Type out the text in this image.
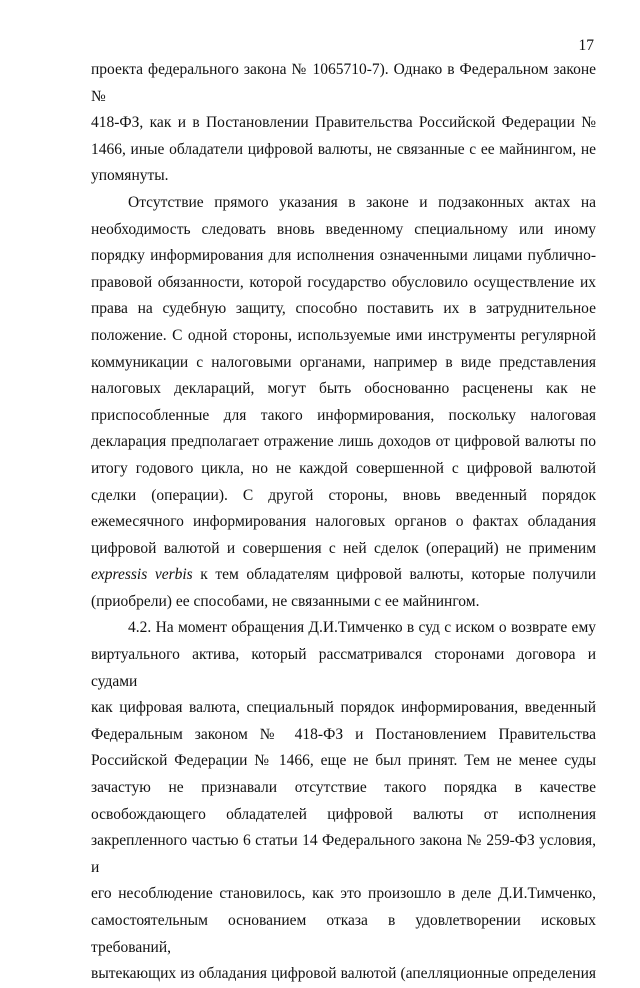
17
проекта федерального закона № 1065710-7). Однако в Федеральном законе №
418-ФЗ, как и в Постановлении Правительства Российской Федерации №
1466, иные обладатели цифровой валюты, не связанные с ее майнингом, не
упомянуты.
Отсутствие прямого указания в законе и подзаконных актах на
необходимость следовать вновь введенному специальному или иному
порядку информирования для исполнения означенными лицами публично-
правовой обязанности, которой государство обусловило осуществление их
права на судебную защиту, способно поставить их в затруднительное
положение. С одной стороны, используемые ими инструменты регулярной
коммуникации с налоговыми органами, например в виде представления
налоговых деклараций, могут быть обоснованно расценены как не
приспособленные для такого информирования, поскольку налоговая
декларация предполагает отражение лишь доходов от цифровой валюты по
итогу годового цикла, но не каждой совершенной с цифровой валютой
сделки (операции). С другой стороны, вновь введенный порядок
ежемесячного информирования налоговых органов о фактах обладания
цифровой валютой и совершения с ней сделок (операций) не применим
expressis verbis к тем обладателям цифровой валюты, которые получили
(приобрели) ее способами, не связанными с ее майнингом.
4.2. На момент обращения Д.И.Тимченко в суд с иском о возврате ему
виртуального актива, который рассматривался сторонами договора и судами
как цифровая валюта, специальный порядок информирования, введенный
Федеральным законом № 418-ФЗ и Постановлением Правительства
Российской Федерации № 1466, еще не был принят. Тем не менее суды
зачастую не признавали отсутствие такого порядка в качестве
освобождающего обладателей цифровой валюты от исполнения
закрепленного частью 6 статьи 14 Федерального закона № 259-ФЗ условия, и
его несоблюдение становилось, как это произошло в деле Д.И.Тимченко,
самостоятельным основанием отказа в удовлетворении исковых требований,
вытекающих из обладания цифровой валютой (апелляционные определения
